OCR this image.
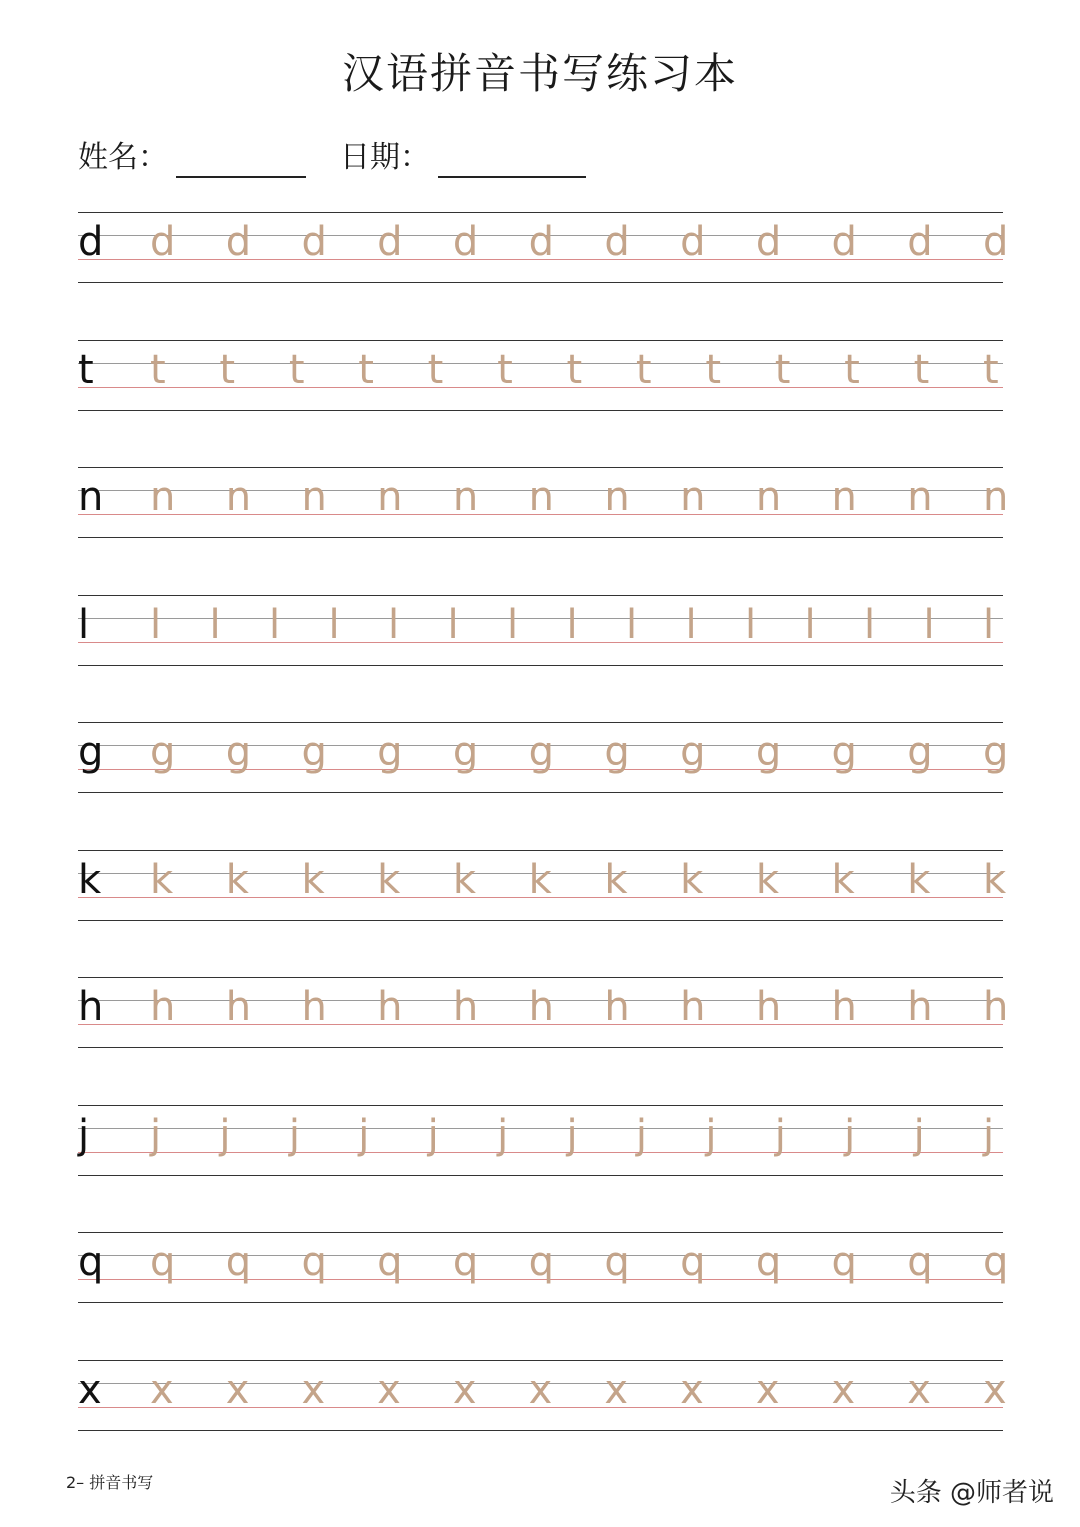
汉语拼音书写练习本
姓名：	日期：
d d d d d d d d d d d d d
t t t t t t t t t t t t t t
n n n n n n n n n n n n n
l l l l l l l l l l l l l l l l
g g g g g g g g g g g g g
k k k k k k k k k k k k k
h h h h h h h h h h h h h
j j j j j j j j j j j j j j
q q q q q q q q q q q q q
x x x x x x x x x x x x x
2– 拼音书写	头条 @师者说
